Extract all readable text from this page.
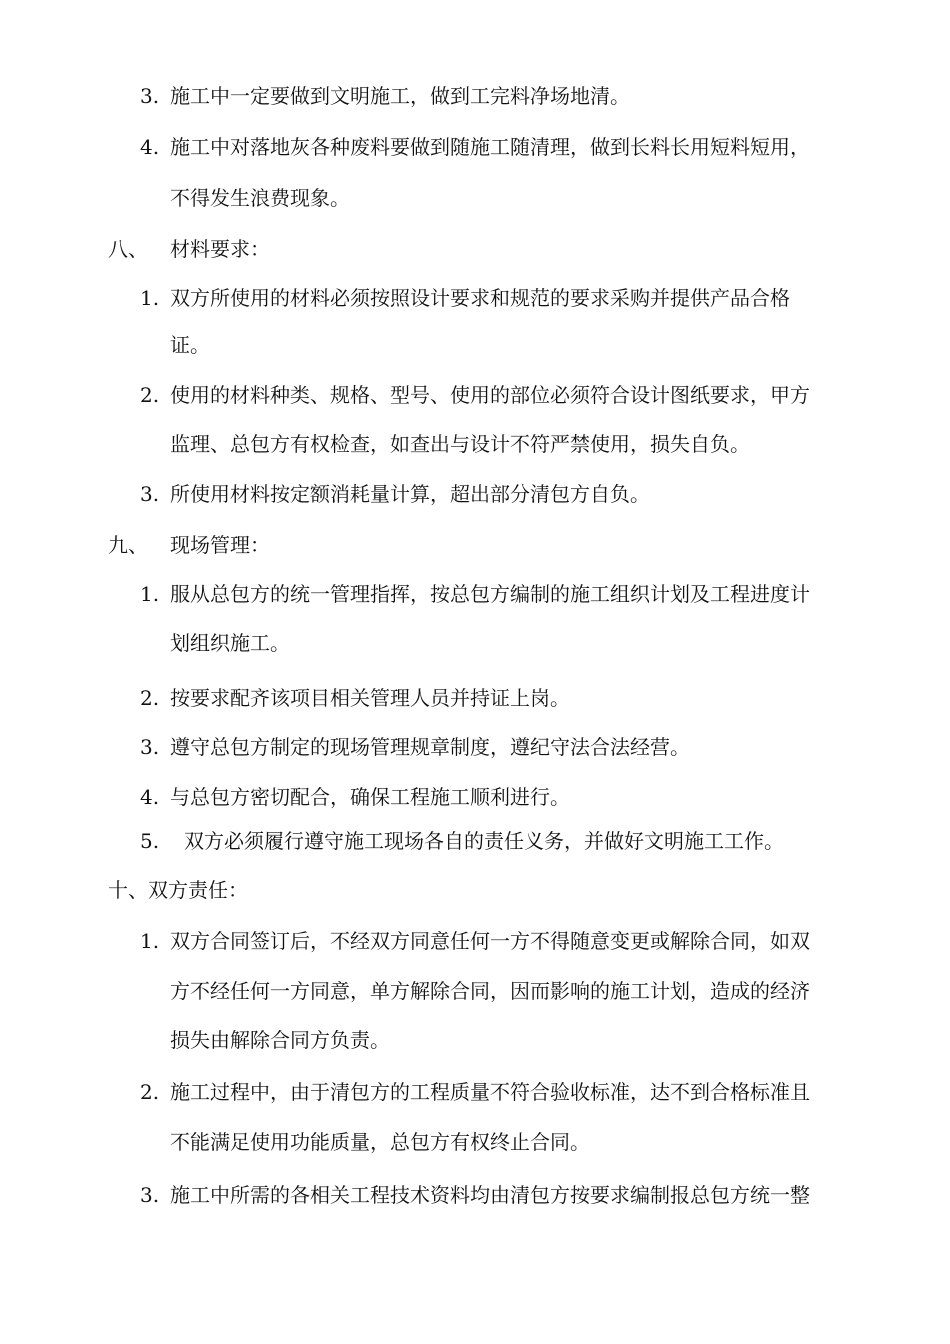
3. 施工中一定要做到文明施工，做到工完料净场地清。
4. 施工中对落地灰各种废料要做到随施工随清理，做到长料长用短料短用，
不得发生浪费现象。
八、 材料要求：
1. 双方所使用的材料必须按照设计要求和规范的要求采购并提供产品合格
证。
2. 使用的材料种类、规格、型号、使用的部位必须符合设计图纸要求，甲方
监理、总包方有权检查，如查出与设计不符严禁使用，损失自负。
3. 所使用材料按定额消耗量计算，超出部分清包方自负。
九、 现场管理：
1. 服从总包方的统一管理指挥，按总包方编制的施工组织计划及工程进度计
划组织施工。
2. 按要求配齐该项目相关管理人员并持证上岗。
3. 遵守总包方制定的现场管理规章制度，遵纪守法合法经营。
4. 与总包方密切配合，确保工程施工顺利进行。
5.	双方必须履行遵守施工现场各自的责任义务，并做好文明施工工作。
十、双方责任：
1. 双方合同签订后，不经双方同意任何一方不得随意变更或解除合同，如双
方不经任何一方同意，单方解除合同，因而影响的施工计划，造成的经济
损失由解除合同方负责。
2. 施工过程中，由于清包方的工程质量不符合验收标准，达不到合格标准且
不能满足使用功能质量，总包方有权终止合同。
3. 施工中所需的各相关工程技术资料均由清包方按要求编制报总包方统一整
